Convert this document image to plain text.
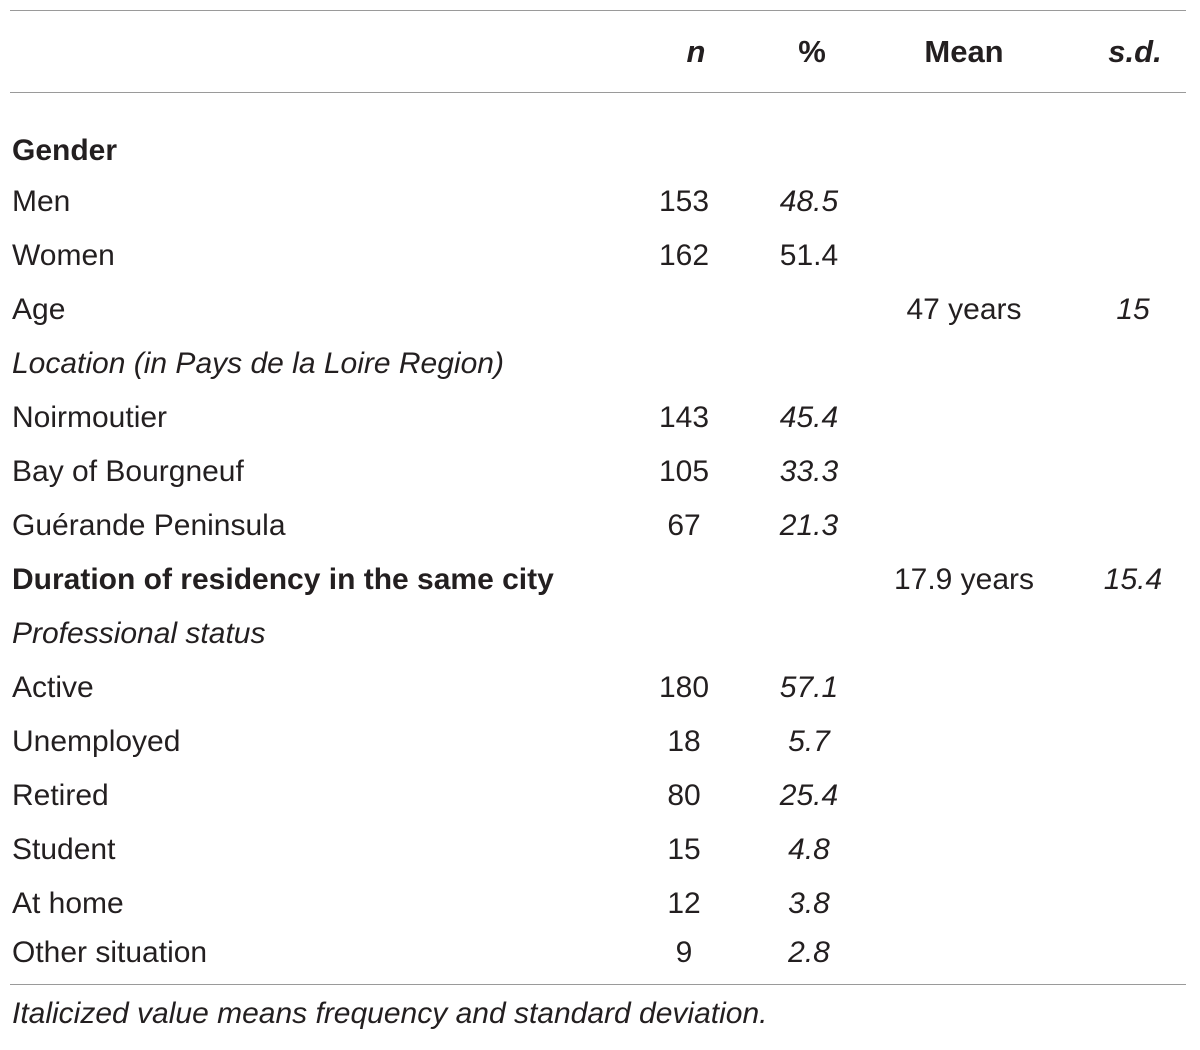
	n	%	Mean	s.d.
Gender				
Men	153	48.5		
Women	162	51.4		
Age			47 years	15
Location (in Pays de la Loire Region)				
Noirmoutier	143	45.4		
Bay of Bourgneuf	105	33.3		
Guérande Peninsula	67	21.3		
Duration of residency in the same city			17.9 years	15.4
Professional status				
Active	180	57.1		
Unemployed	18	5.7		
Retired	80	25.4		
Student	15	4.8		
At home	12	3.8		
Other situation	9	2.8		
Italicized value means frequency and standard deviation.				
